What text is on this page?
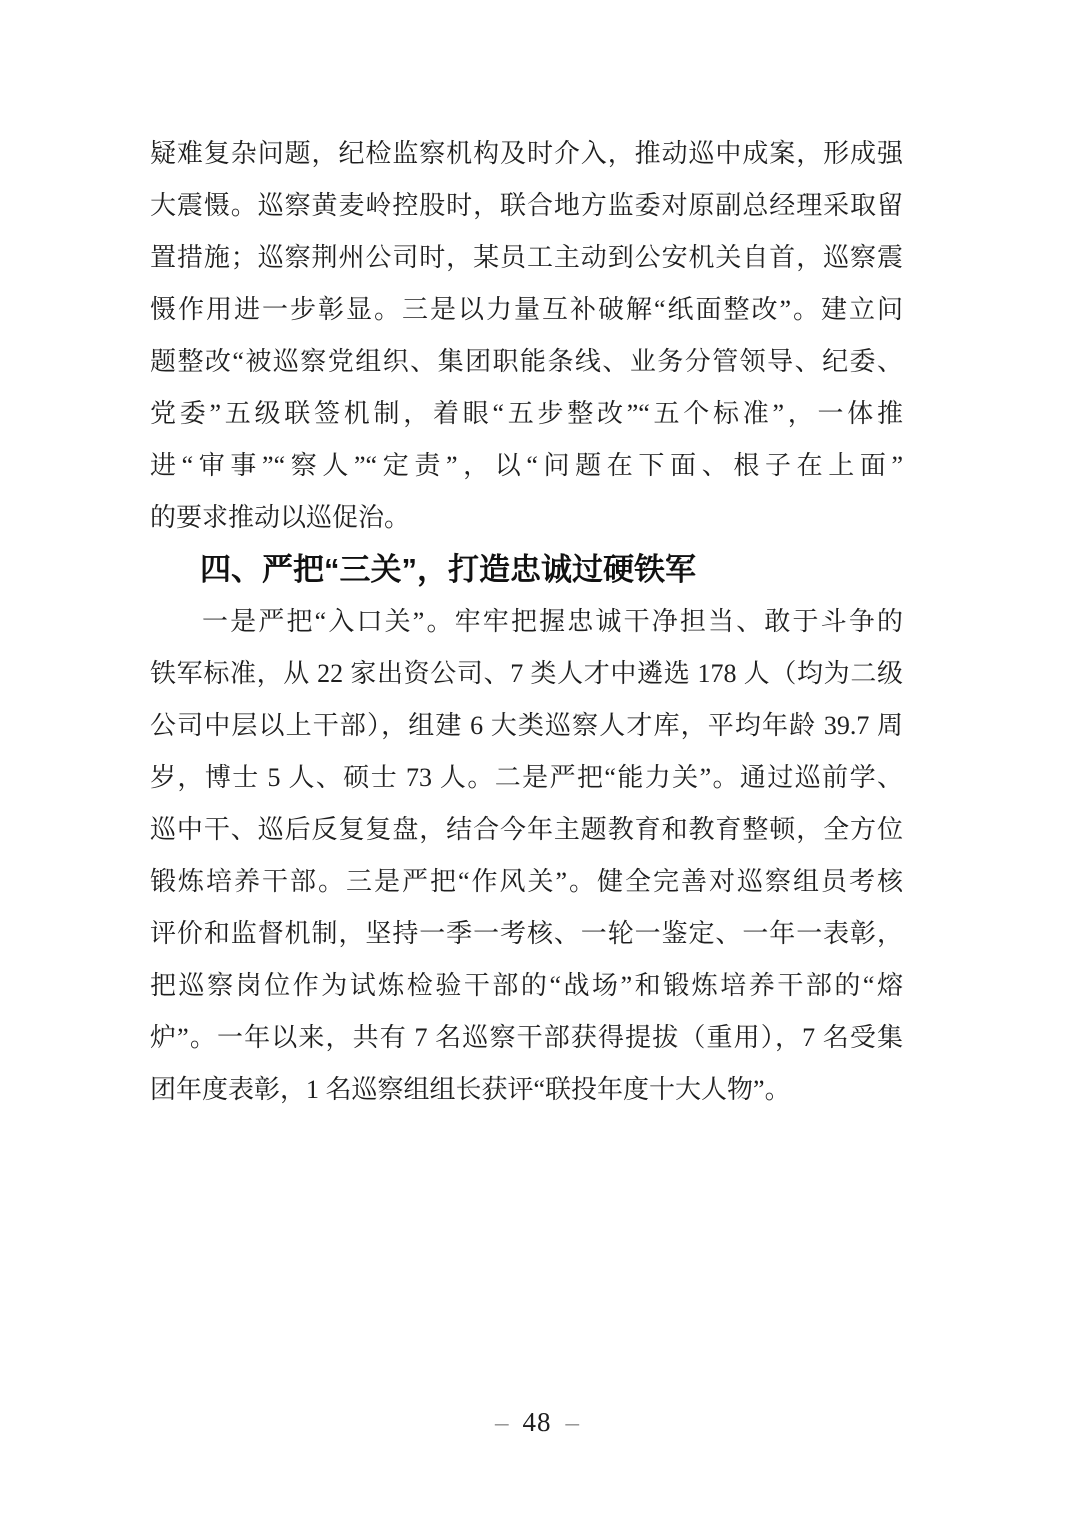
疑难复杂问题，纪检监察机构及时介入，推动巡中成案，形成强
大震慑。巡察黄麦岭控股时，联合地方监委对原副总经理采取留
置措施；巡察荆州公司时，某员工主动到公安机关自首，巡察震
慑作用进一步彰显。三是以力量互补破解“纸面整改”。建立问
题整改“被巡察党组织、集团职能条线、业务分管领导、纪委、
党委”五级联签机制，着眼“五步整改”“五个标准”，一体推
进“审事”“察人”“定责”，以“问题在下面、根子在上面”
的要求推动以巡促治。
四、严把“三关”，打造忠诚过硬铁军
一是严把“入口关”。牢牢把握忠诚干净担当、敢于斗争的
铁军标准，从 22 家出资公司、7 类人才中遴选 178 人（均为二级
公司中层以上干部），组建 6 大类巡察人才库，平均年龄 39.7 周
岁，博士 5 人、硕士 73 人。二是严把“能力关”。通过巡前学、
巡中干、巡后反复复盘，结合今年主题教育和教育整顿，全方位
锻炼培养干部。三是严把“作风关”。健全完善对巡察组员考核
评价和监督机制，坚持一季一考核、一轮一鉴定、一年一表彰，
把巡察岗位作为试炼检验干部的“战场”和锻炼培养干部的“熔
炉”。一年以来，共有 7 名巡察干部获得提拔（重用），7 名受集
团年度表彰，1 名巡察组组长获评“联投年度十大人物”。
– 48 –
